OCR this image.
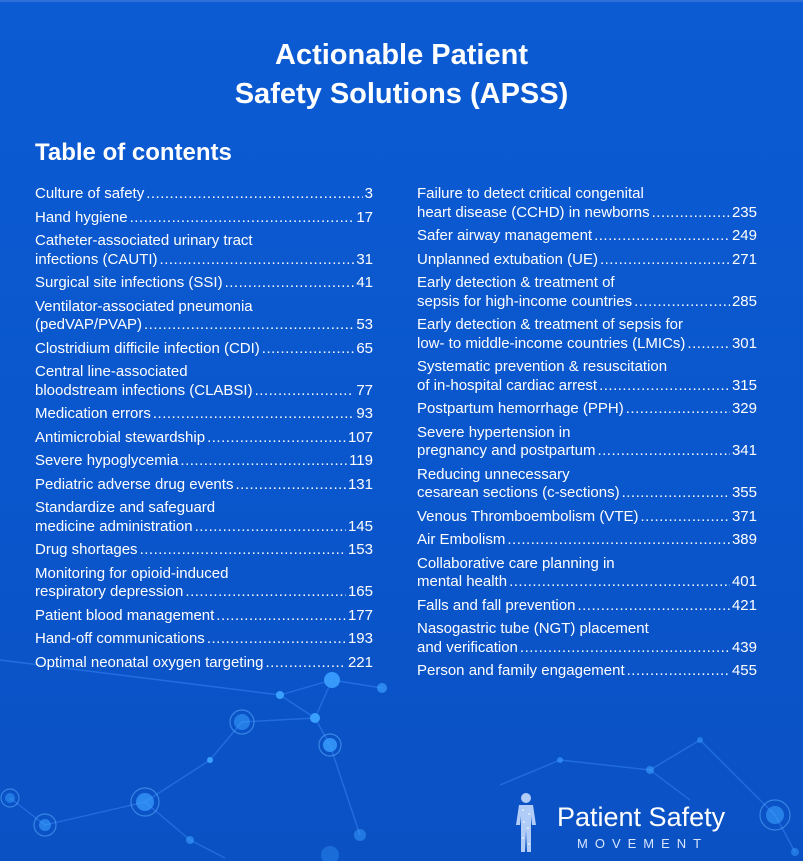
Actionable Patient
Safety Solutions (APSS)
Table of contents
Culture of safety .....	3
Hand hygiene .....	17
Catheter-associated urinary tract
infections (CAUTI) .....	31
Surgical site infections (SSI) .....	41
Ventilator-associated pneumonia
(pedVAP/PVAP) .....	53
Clostridium difficile infection (CDI) .....	65
Central line-associated
bloodstream infections (CLABSI) .....	77
Medication errors .....	93
Antimicrobial stewardship .....	107
Severe hypoglycemia .....	119
Pediatric adverse drug events .....	131
Standardize and safeguard
medicine administration .....	145
Drug shortages .....	153
Monitoring for opioid-induced
respiratory depression .....	165
Patient blood management .....	177
Hand-off communications .....	193
Optimal neonatal oxygen targeting .....	221
Failure to detect critical congenital
heart disease (CCHD) in newborns .....	235
Safer airway management .....	249
Unplanned extubation (UE) .....	271
Early detection & treatment of
sepsis for high-income countries .....	285
Early detection & treatment of sepsis for
low- to middle-income countries (LMICs) .....	301
Systematic prevention & resuscitation
of in-hospital cardiac arrest .....	315
Postpartum hemorrhage (PPH) .....	329
Severe hypertension in
pregnancy and postpartum .....	341
Reducing unnecessary
cesarean sections (c-sections) .....	355
Venous Thromboembolism (VTE) .....	371
Air Embolism .....	389
Collaborative care planning in
mental health .....	401
Falls and fall prevention .....	421
Nasogastric tube (NGT) placement
and verification .....	439
Person and family engagement .....	455
Patient Safety
MOVEMENT
